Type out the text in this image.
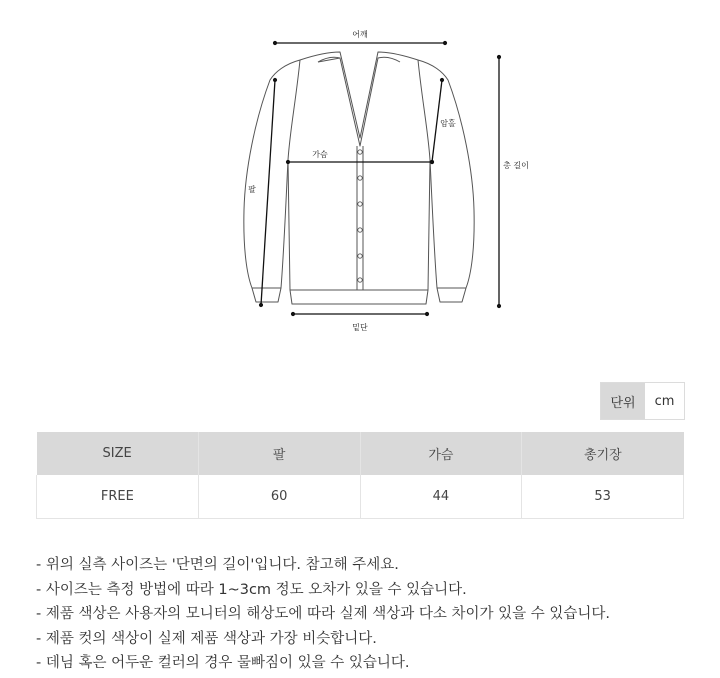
어깨
암홀
가슴
총 길이
팔
밑단
단위	cm
SIZE	팔	가슴	총기장
FREE	60	44	53
- 위의 실측 사이즈는 '단면의 길이'입니다. 참고해 주세요.
- 사이즈는 측정 방법에 따라 1~3cm 정도 오차가 있을 수 있습니다.
- 제품 색상은 사용자의 모니터의 해상도에 따라 실제 색상과 다소 차이가 있을 수 있습니다.
- 제품 컷의 색상이 실제 제품 색상과 가장 비슷합니다.
- 데님 혹은 어두운 컬러의 경우 물빠짐이 있을 수 있습니다.
